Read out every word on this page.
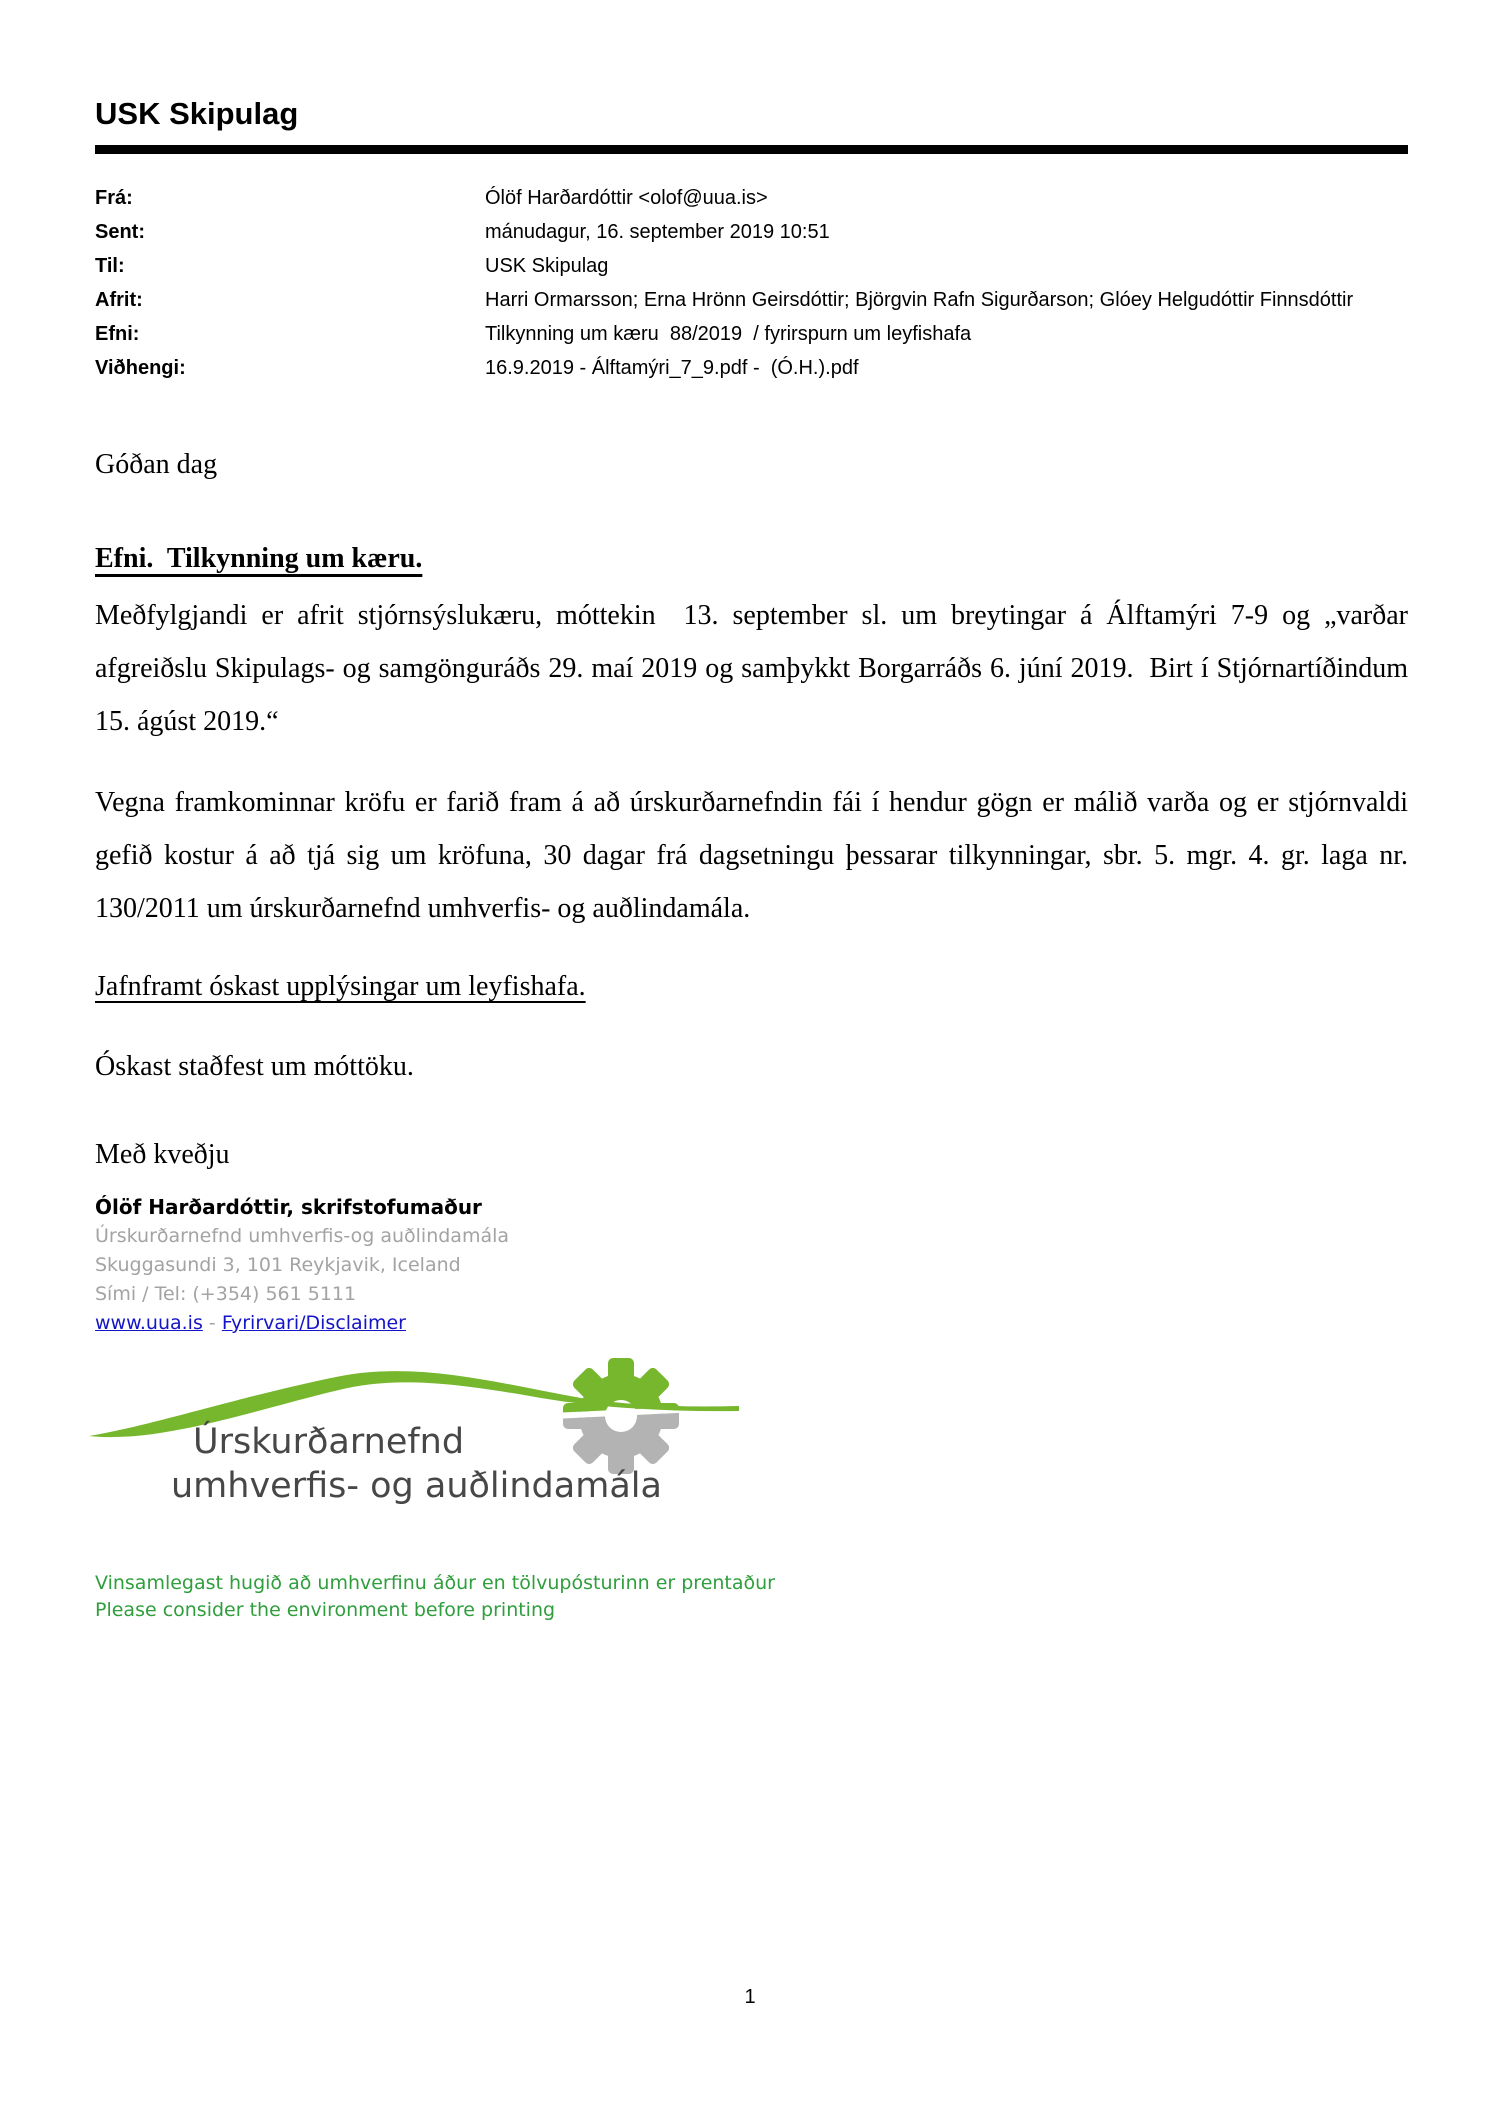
USK Skipulag
Frá:	Ólöf Harðardóttir <olof@uua.is>
Sent:	mánudagur, 16. september 2019 10:51
Til:	USK Skipulag
Afrit:	Harri Ormarsson; Erna Hrönn Geirsdóttir; Björgvin Rafn Sigurðarson; Glóey Helgudóttir Finnsdóttir
Efni:	Tilkynning um kæru  88/2019  / fyrirspurn um leyfishafa
Viðhengi:	16.9.2019 - Álftamýri_7_9.pdf -  (Ó.H.).pdf
Góðan dag
Efni.  Tilkynning um kæru.

Meðfylgjandi er afrit stjórnsýslukæru, móttekin  13. september sl. um breytingar á Álftamýri 7-9 og „varðar afgreiðslu Skipulags- og samgönguráðs 29. maí 2019 og samþykkt Borgarráðs 6. júní 2019.  Birt í Stjórnartíðindum 15. ágúst 2019.“

Vegna framkominnar kröfu er farið fram á að úrskurðarnefndin fái í hendur gögn er málið varða og er stjórnvaldi gefið kostur á að tjá sig um kröfuna, 30 dagar frá dagsetningu þessarar tilkynningar, sbr. 5. mgr. 4. gr. laga nr. 130/2011 um úrskurðarnefnd umhverfis- og auðlindamála.

Jafnframt óskast upplýsingar um leyfishafa.
Óskast staðfest um móttöku.
Með kveðju
Ólöf Harðardóttir, skrifstofumaður
Úrskurðarnefnd umhverfis-og auðlindamála
Skuggasundi 3, 101 Reykjavik, Iceland
Sími / Tel: (+354) 561 5111
www.uua.is - Fyrirvari/Disclaimer
Úrskurðarnefnd
umhverfis- og auðlindamála
Vinsamlegast hugið að umhverfinu áður en tölvupósturinn er prentaður
Please consider the environment before printing
1
